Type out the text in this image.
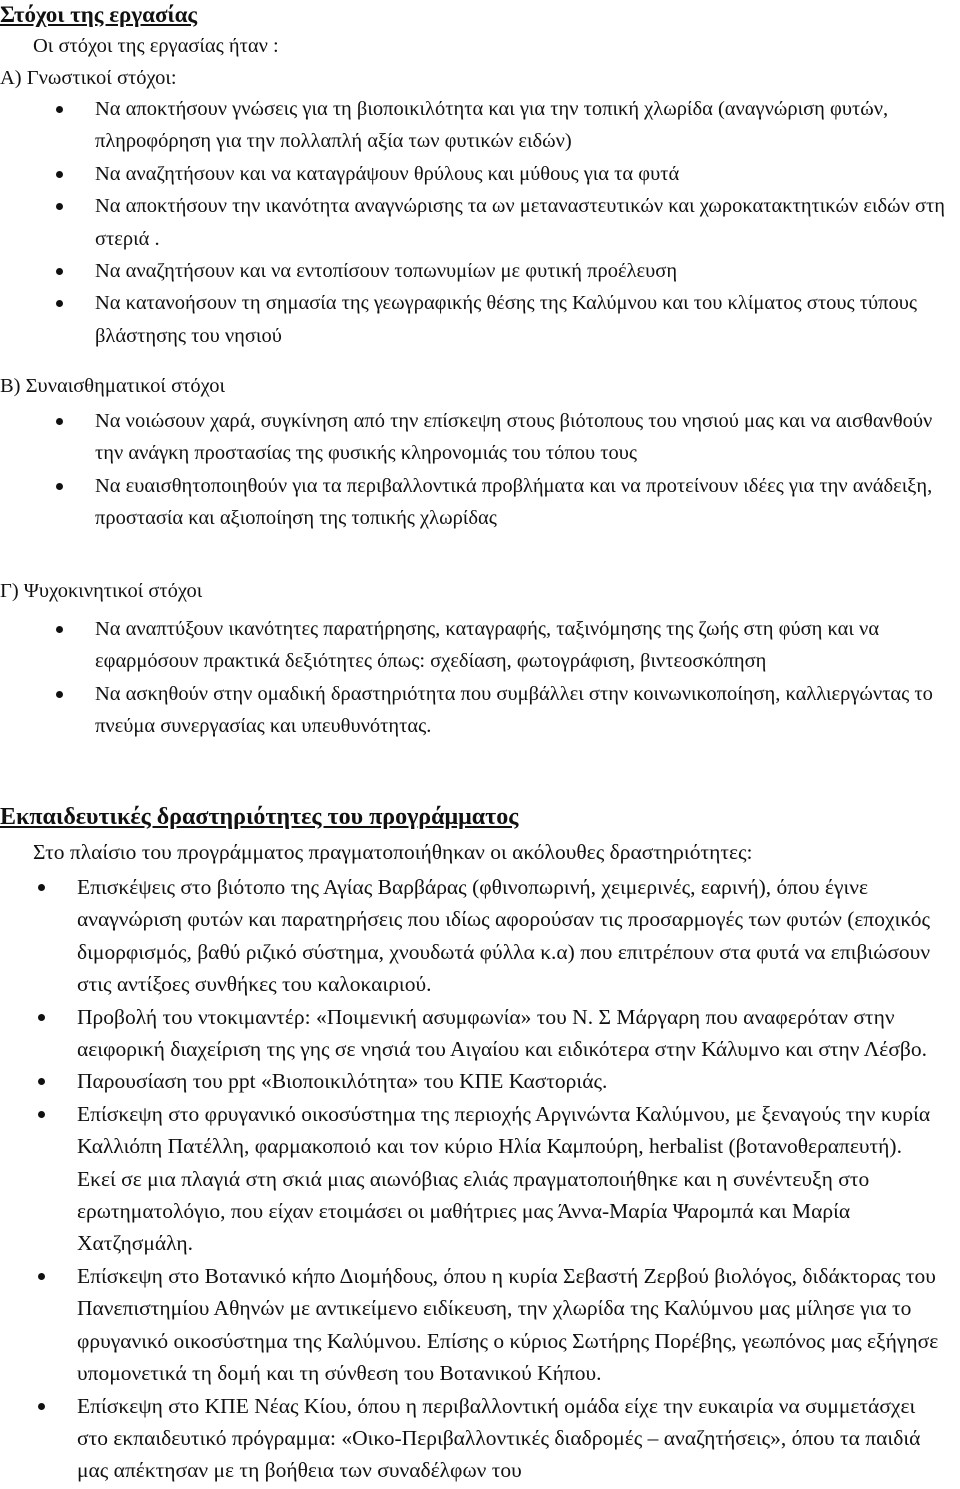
Στόχοι της εργασίας
Οι στόχοι της εργασίας ήταν :
Α) Γνωστικοί στόχοι:
Να αποκτήσουν γνώσεις για τη βιοποικιλότητα και για την τοπική χλωρίδα (αναγνώριση φυτών, πληροφόρηση για την πολλαπλή αξία των φυτικών ειδών)
Να αναζητήσουν και να καταγράψουν θρύλους και μύθους για τα φυτά
Να αποκτήσουν την ικανότητα αναγνώρισης τα ων μεταναστευτικών και χωροκατακτητικών ειδών στη στεριά .
Να αναζητήσουν και να εντοπίσουν τοπωνυμίων με φυτική προέλευση
Να κατανοήσουν τη σημασία της γεωγραφικής θέσης της Καλύμνου και του κλίματος στους τύπους βλάστησης του νησιού
Β) Συναισθηματικοί στόχοι
Να νοιώσουν χαρά, συγκίνηση από την επίσκεψη στους βιότοπους του νησιού μας και να αισθανθούν την ανάγκη προστασίας της φυσικής κληρονομιάς του τόπου τους
Να ευαισθητοποιηθούν για τα περιβαλλοντικά προβλήματα και να προτείνουν ιδέες για την ανάδειξη, προστασία και αξιοποίηση της τοπικής χλωρίδας
Γ) Ψυχοκινητικοί στόχοι
Να αναπτύξουν ικανότητες παρατήρησης, καταγραφής, ταξινόμησης της ζωής στη φύση και να εφαρμόσουν πρακτικά δεξιότητες όπως: σχεδίαση, φωτογράφιση, βιντεοσκόπηση
Να ασκηθούν στην ομαδική δραστηριότητα που συμβάλλει στην κοινωνικοποίηση, καλλιεργώντας το πνεύμα συνεργασίας και υπευθυνότητας.
Εκπαιδευτικές δραστηριότητες του προγράμματος
Στο πλαίσιο του προγράμματος πραγματοποιήθηκαν οι ακόλουθες δραστηριότητες:
Επισκέψεις στο βιότοπο της Αγίας Βαρβάρας (φθινοπωρινή, χειμερινές, εαρινή), όπου έγινε αναγνώριση φυτών και παρατηρήσεις που ιδίως αφορούσαν τις προσαρμογές των φυτών (εποχικός διμορφισμός, βαθύ ριζικό σύστημα, χνουδωτά φύλλα κ.α) που επιτρέπουν στα φυτά να επιβιώσουν στις αντίξοες συνθήκες του καλοκαιριού.
Προβολή του ντοκιμαντέρ: «Ποιμενική ασυμφωνία» του Ν. Σ Μάργαρη που αναφερόταν στην αειφορική διαχείριση της γης σε νησιά του Αιγαίου και ειδικότερα στην Κάλυμνο και στην Λέσβο.
Παρουσίαση του ppt «Βιοποικιλότητα» του ΚΠΕ Καστοριάς.
Επίσκεψη στο φρυγανικό οικοσύστημα της περιοχής Αργινώντα Καλύμνου, με ξεναγούς την κυρία Καλλιόπη Πατέλλη, φαρμακοποιό και τον κύριο Ηλία Καμπούρη, herbalist (βοτανοθεραπευτή). Εκεί σε μια πλαγιά στη σκιά μιας αιωνόβιας ελιάς πραγματοποιήθηκε και η συνέντευξη στο ερωτηματολόγιο, που είχαν ετοιμάσει οι μαθήτριες μας Άννα-Μαρία Ψαρομπά και Μαρία Χατζησμάλη.
Επίσκεψη στο Βοτανικό κήπο Διομήδους, όπου η κυρία Σεβαστή Ζερβού βιολόγος, διδάκτορας του Πανεπιστημίου Αθηνών με αντικείμενο ειδίκευση, την χλωρίδα της Καλύμνου μας μίλησε για το φρυγανικό οικοσύστημα της Καλύμνου. Επίσης ο κύριος Σωτήρης Πορέβης, γεωπόνος μας εξήγησε υπομονετικά τη δομή και τη σύνθεση του Βοτανικού Κήπου.
Επίσκεψη στο ΚΠΕ Νέας Κίου, όπου η περιβαλλοντική ομάδα είχε την ευκαιρία να συμμετάσχει στο εκπαιδευτικό πρόγραμμα: «Οικο-Περιβαλλοντικές διαδρομές – αναζητήσεις», όπου τα παιδιά μας απέκτησαν με τη βοήθεια των συναδέλφων του
